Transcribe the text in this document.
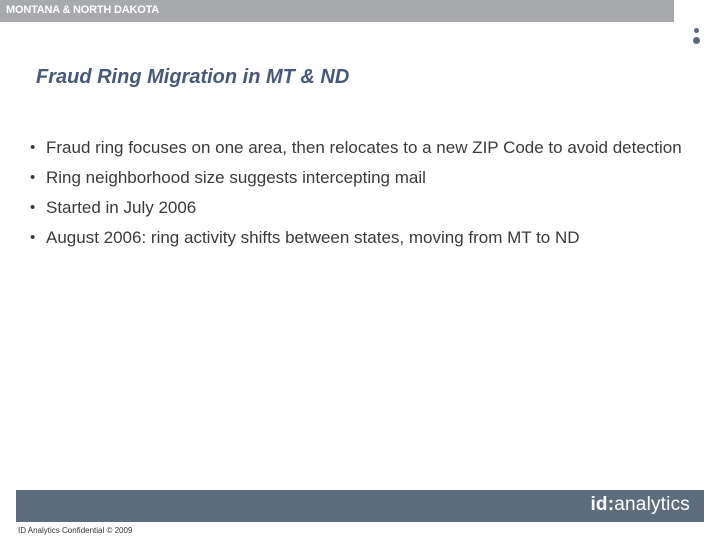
MONTANA & NORTH DAKOTA
Fraud Ring Migration in MT & ND
• Fraud ring focuses on one area, then relocates to a new ZIP Code to avoid detection
• Ring neighborhood size suggests intercepting mail
• Started in July 2006
• August 2006: ring activity shifts between states, moving from MT to ND
id:analytics
ID Analytics Confidential © 2009
